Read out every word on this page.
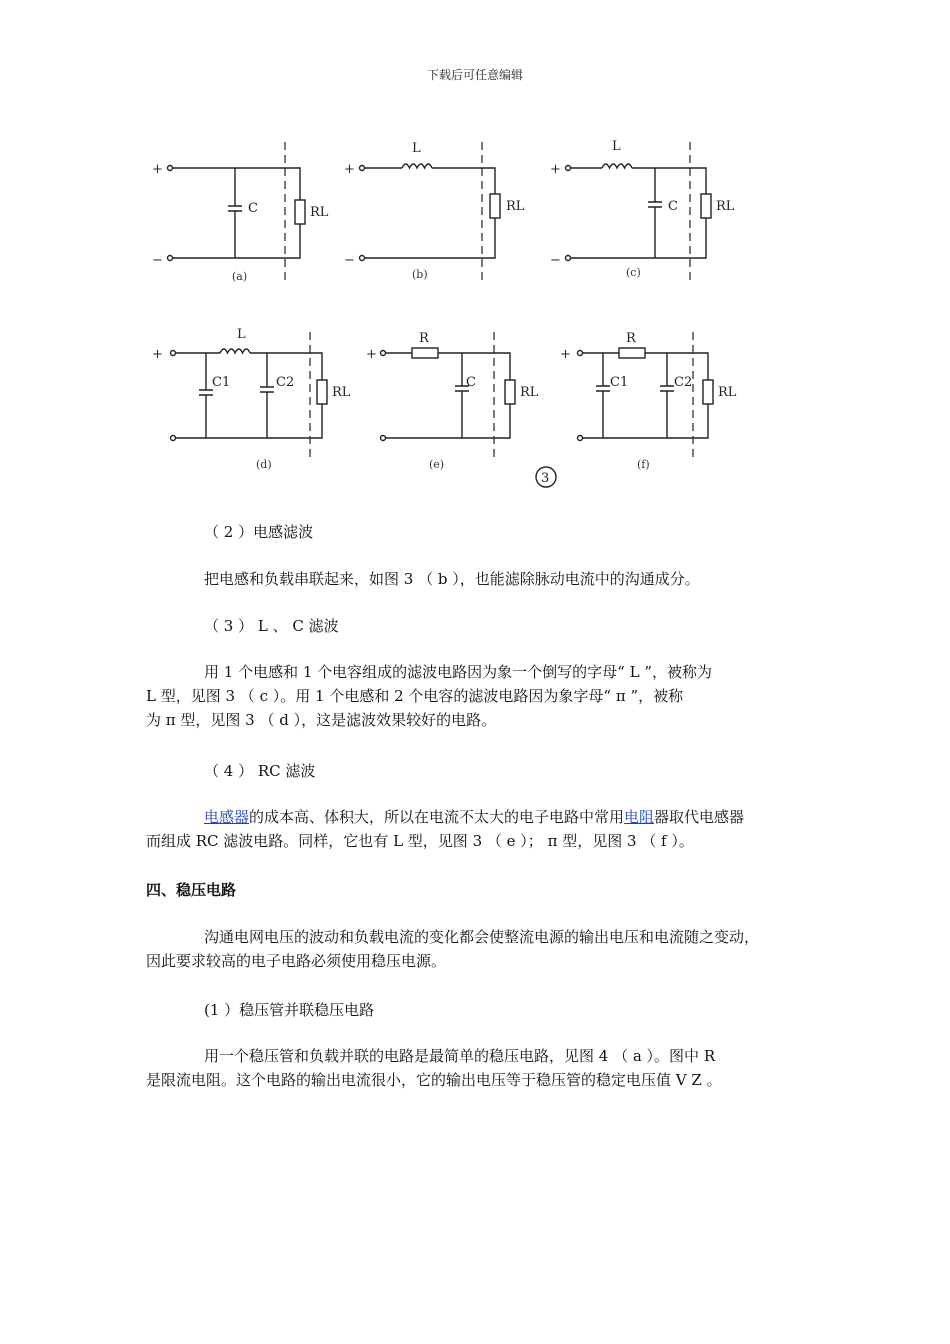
下载后可任意编辑
+
−
C	RL
(a)
+
−
L
RL
(b)
+
−
L
C	RL
(c)
+
L
C1	C2
RL
(d)
+
R
C
RL
(e)
3
+
R
C1	C2
RL
(f)
（ 2 ）电感滤波
把电感和负载串联起来，如图 3 （ b ），也能滤除脉动电流中的沟通成分。
（ 3 ） L 、 C 滤波
用 1 个电感和 1 个电容组成的滤波电路因为象一个倒写的字母“ L ”，被称为
L 型，见图 3 （ c ）。用 1 个电感和 2 个电容的滤波电路因为象字母“ π ”，被称
为 π 型，见图 3 （ d ），这是滤波效果较好的电路。
（ 4 ） RC 滤波
电感器的成本高、体积大，所以在电流不太大的电子电路中常用电阻器取代电感器
而组成 RC 滤波电路。同样，它也有 L 型，见图 3 （ e ）； π 型，见图 3 （ f ）。
四、稳压电路
沟通电网电压的波动和负载电流的变化都会使整流电源的输出电压和电流随之变动，
因此要求较高的电子电路必须使用稳压电源。
(1 ）稳压管并联稳压电路
用一个稳压管和负载并联的电路是最简单的稳压电路，见图 4 （ a ）。图中 R
是限流电阻。这个电路的输出电流很小，它的输出电压等于稳压管的稳定电压值 V Z 。
